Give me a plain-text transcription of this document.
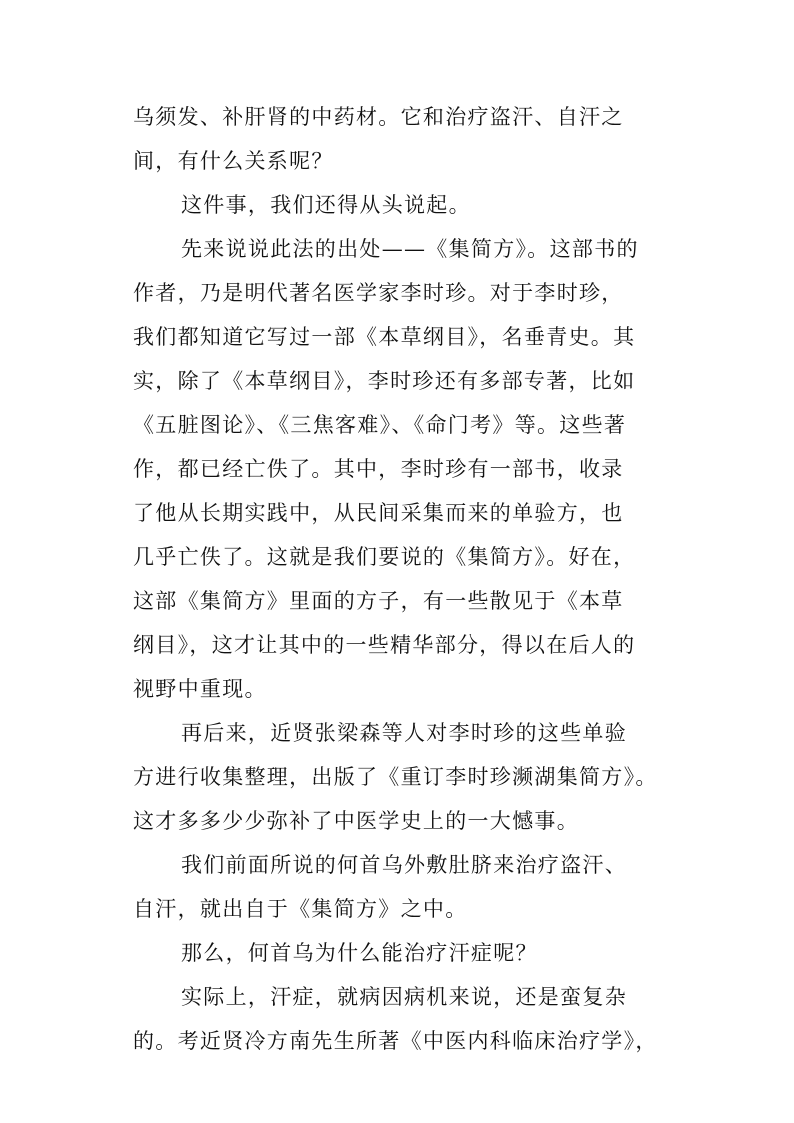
乌须发、补肝肾的中药材。它和治疗盗汗、自汗之
间，有什么关系呢？
这件事，我们还得从头说起。
先来说说此法的出处——《集简方》。这部书的
作者，乃是明代著名医学家李时珍。对于李时珍，
我们都知道它写过一部《本草纲目》，名垂青史。其
实，除了《本草纲目》，李时珍还有多部专著，比如
《五脏图论》、《三焦客难》、《命门考》等。这些著
作，都已经亡佚了。其中，李时珍有一部书，收录
了他从长期实践中，从民间采集而来的单验方，也
几乎亡佚了。这就是我们要说的《集简方》。好在，
这部《集简方》里面的方子，有一些散见于《本草
纲目》，这才让其中的一些精华部分，得以在后人的
视野中重现。
再后来，近贤张梁森等人对李时珍的这些单验
方进行收集整理，出版了《重订李时珍濒湖集简方》。
这才多多少少弥补了中医学史上的一大憾事。
我们前面所说的何首乌外敷肚脐来治疗盗汗、
自汗，就出自于《集简方》之中。
那么，何首乌为什么能治疗汗症呢？
实际上，汗症，就病因病机来说，还是蛮复杂
的。考近贤冷方南先生所著《中医内科临床治疗学》，
